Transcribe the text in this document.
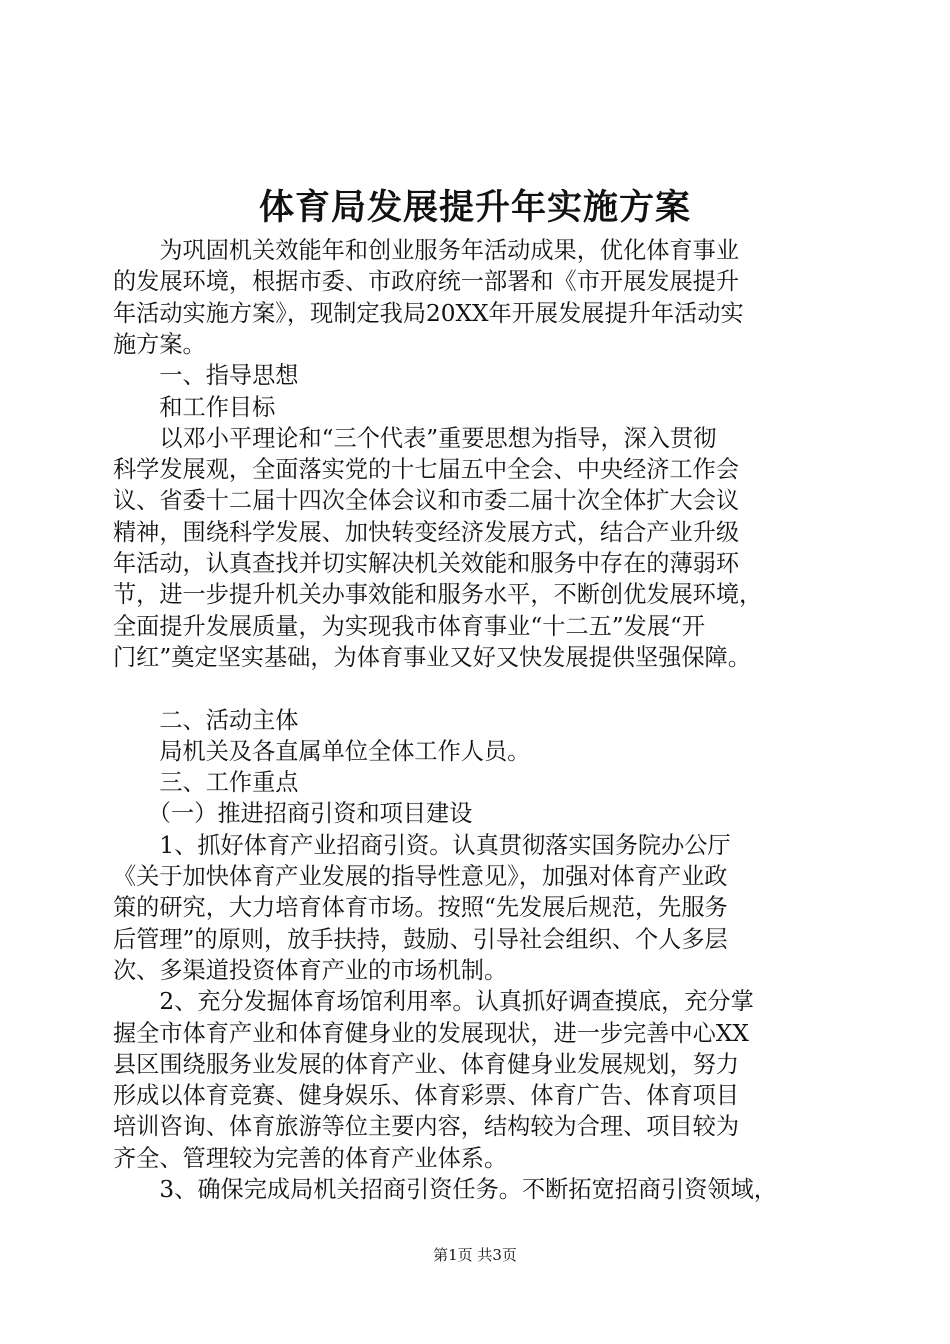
体育局发展提升年实施方案
　　为巩固机关效能年和创业服务年活动成果，优化体育事业
的发展环境，根据市委、市政府统一部署和《市开展发展提升
年活动实施方案》，现制定我局20XX年开展发展提升年活动实
施方案。
　　一、指导思想
　　和工作目标
　　以邓小平理论和“三个代表”重要思想为指导，深入贯彻
科学发展观，全面落实党的十七届五中全会、中央经济工作会
议、省委十二届十四次全体会议和市委二届十次全体扩大会议
精神，围绕科学发展、加快转变经济发展方式，结合产业升级
年活动，认真查找并切实解决机关效能和服务中存在的薄弱环
节，进一步提升机关办事效能和服务水平，不断创优发展环境，
全面提升发展质量，为实现我市体育事业“十二五”发展“开
门红”奠定坚实基础，为体育事业又好又快发展提供坚强保障。
　　二、活动主体
　　局机关及各直属单位全体工作人员。
　　三、工作重点
　　（一）推进招商引资和项目建设
　　1、抓好体育产业招商引资。认真贯彻落实国务院办公厅
《关于加快体育产业发展的指导性意见》，加强对体育产业政
策的研究，大力培育体育市场。按照“先发展后规范，先服务
后管理”的原则，放手扶持，鼓励、引导社会组织、个人多层
次、多渠道投资体育产业的市场机制。
　　2、充分发掘体育场馆利用率。认真抓好调查摸底，充分掌
握全市体育产业和体育健身业的发展现状，进一步完善中心XX
县区围绕服务业发展的体育产业、体育健身业发展规划，努力
形成以体育竞赛、健身娱乐、体育彩票、体育广告、体育项目
培训咨询、体育旅游等位主要内容，结构较为合理、项目较为
齐全、管理较为完善的体育产业体系。
　　3、确保完成局机关招商引资任务。不断拓宽招商引资领域，
第1页 共3页
